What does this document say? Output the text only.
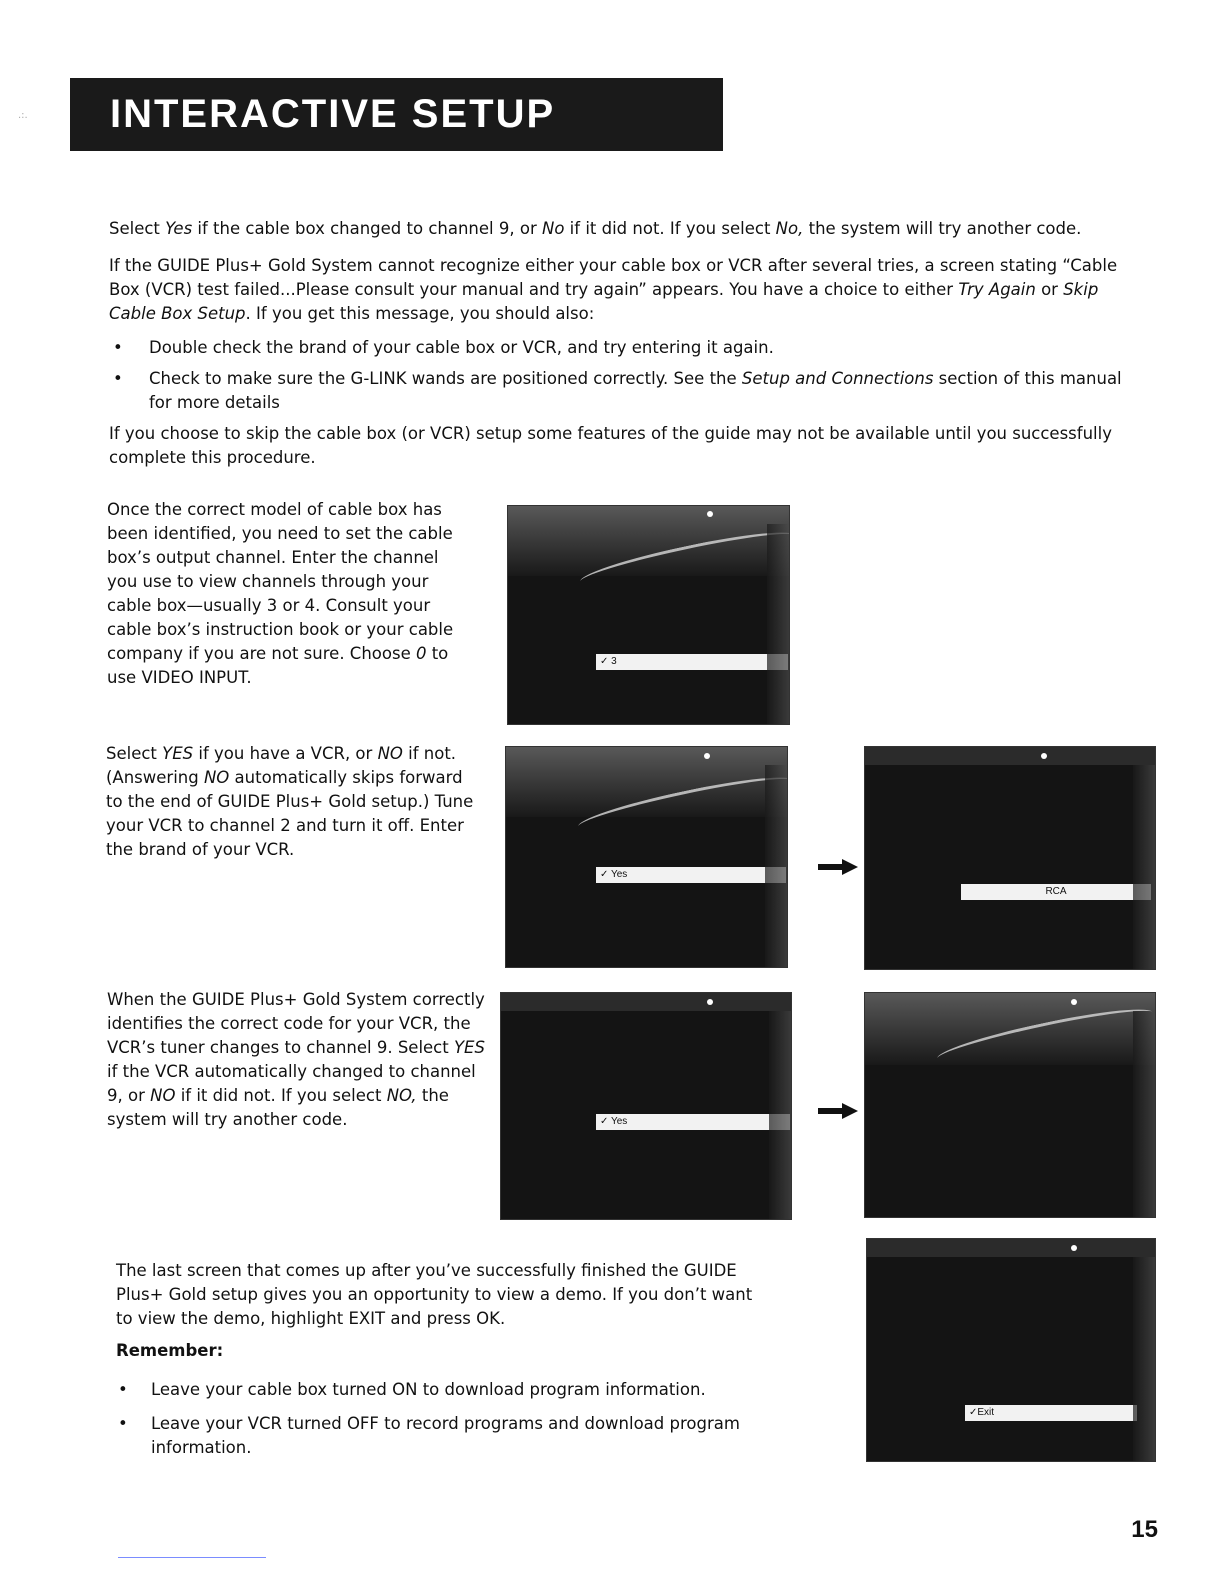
.:.	INTERACTIVE SETUP

Select Yes if the cable box changed to channel 9, or No if it did not. If you select No, the system will try another code.

If the GUIDE Plus+ Gold System cannot recognize either your cable box or VCR after several tries, a screen stating “Cable Box (VCR) test failed...Please consult your manual and try again” appears. You have a choice to either Try Again or Skip Cable Box Setup. If you get this message, you should also:

• Double check the brand of your cable box or VCR, and try entering it again.
• Check to make sure the G-LINK wands are positioned correctly. See the Setup and Connections section of this manual for more details

If you choose to skip the cable box (or VCR) setup some features of the guide may not be available until you successfully complete this procedure.

Once the correct model of cable box has been identified, you need to set the cable box’s output channel. Enter the channel you use to view channels through your cable box—usually 3 or 4. Consult your cable box’s instruction book or your cable company if you are not sure. Choose 0 to use VIDEO INPUT.

✓ 3

Select YES if you have a VCR, or NO if not. (Answering NO automatically skips forward to the end of GUIDE Plus+ Gold setup.) Tune your VCR to channel 2 and turn it off. Enter the brand of your VCR.

✓ Yes
RCA

When the GUIDE Plus+ Gold System correctly identifies the correct code for your VCR, the VCR’s tuner changes to channel 9. Select YES if the VCR automatically changed to channel 9, or NO if it did not. If you select NO, the system will try another code.	✓ Yes

The last screen that comes up after you’ve successfully finished the GUIDE Plus+ Gold setup gives you an opportunity to view a demo. If you don’t want to view the demo, highlight EXIT and press OK.

Remember:
• Leave your cable box turned ON to download program information.
• Leave your VCR turned OFF to record programs and download program information.
✓Exit
15
